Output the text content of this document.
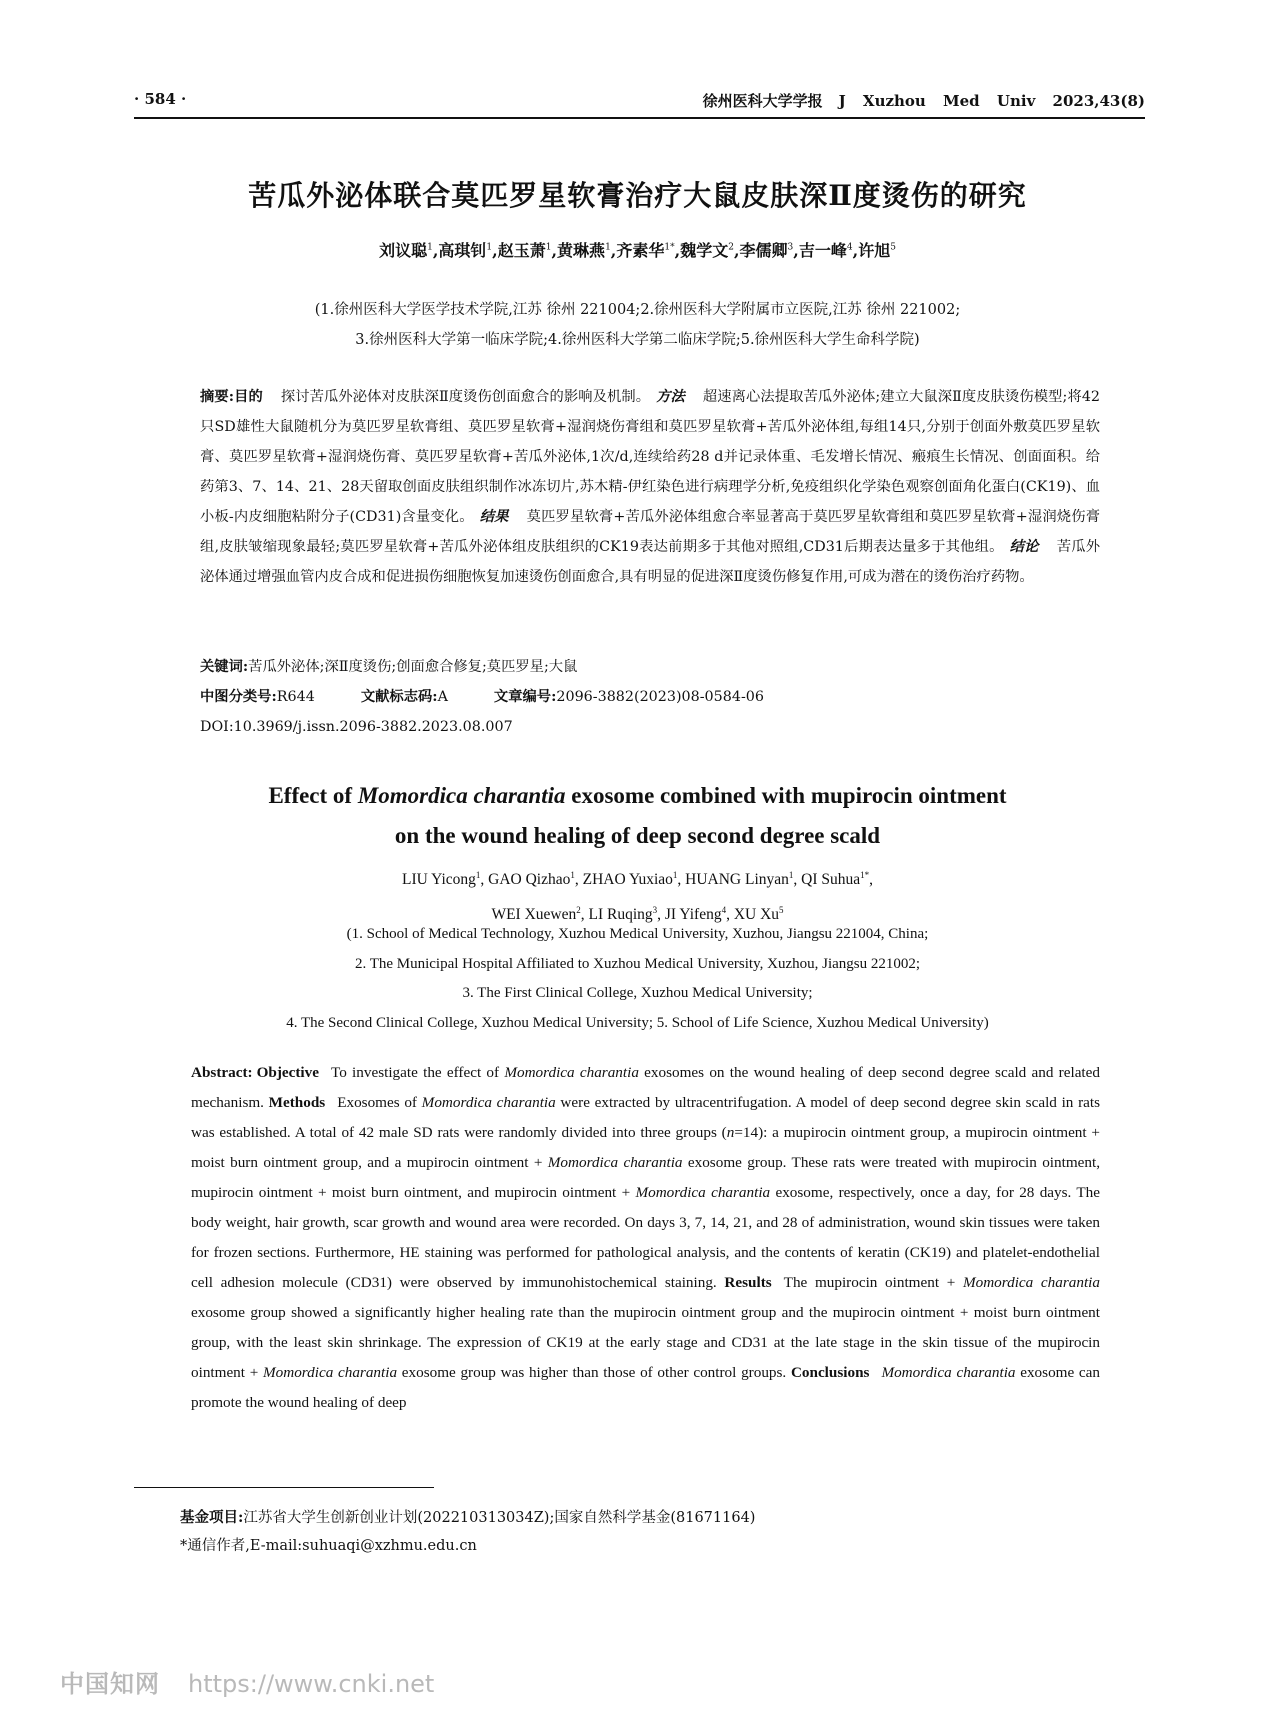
· 584 ·	徐州医科大学学报 J Xuzhou Med Univ 2023,43(8)
苦瓜外泌体联合莫匹罗星软膏治疗大鼠皮肤深Ⅱ度烫伤的研究
刘议聪$^1$,高琪钊$^1$,赵玉萧$^1$,黄琳燕$^1$,齐素华$^{1*}$,魏学文$^2$,李儒卿$^3$,吉一峰$^4$,许旭$^5$
(1.徐州医科大学医学技术学院,江苏 徐州 221004;2.徐州医科大学附属市立医院,江苏 徐州 221002;
3.徐州医科大学第一临床学院;4.徐州医科大学第二临床学院;5.徐州医科大学生命科学院)
摘要:目的 探讨苦瓜外泌体对皮肤深Ⅱ度烫伤创面愈合的影响及机制。 方法 超速离心法提取苦瓜外泌体;建立大鼠深Ⅱ度皮肤烫伤模型;将42只SD雄性大鼠随机分为莫匹罗星软膏组、莫匹罗星软膏+湿润烧伤膏组和莫匹罗星软膏+苦瓜外泌体组,每组14只,分别于创面外敷莫匹罗星软膏、莫匹罗星软膏+湿润烧伤膏、莫匹罗星软膏+苦瓜外泌体,1次/d,连续给药28 d并记录体重、毛发增长情况、瘢痕生长情况、创面面积。给药第3、7、14、21、28天留取创面皮肤组织制作冰冻切片,苏木精-伊红染色进行病理学分析,免疫组织化学染色观察创面角化蛋白(CK19)、血小板-内皮细胞粘附分子(CD31)含量变化。 结果 莫匹罗星软膏+苦瓜外泌体组愈合率显著高于莫匹罗星软膏组和莫匹罗星软膏+湿润烧伤膏组,皮肤皱缩现象最轻;莫匹罗星软膏+苦瓜外泌体组皮肤组织的CK19表达前期多于其他对照组,CD31后期表达量多于其他组。 结论 苦瓜外泌体通过增强血管内皮合成和促进损伤细胞恢复加速烫伤创面愈合,具有明显的促进深Ⅱ度烫伤修复作用,可成为潜在的烫伤治疗药物。
关键词:苦瓜外泌体;深Ⅱ度烫伤;创面愈合修复;莫匹罗星;大鼠
中图分类号:R644	文献标志码:A	文章编号:2096-3882(2023)08-0584-06
DOI:10.3969/j.issn.2096-3882.2023.08.007
Effect of Momordica charantia exosome combined with mupirocin ointment
on the wound healing of deep second degree scald
LIU Yicong$^1$, GAO Qizhao$^1$, ZHAO Yuxiao$^1$, HUANG Linyan$^1$, QI Suhua$^{1*}$,
WEI Xuewen$^2$, LI Ruqing$^3$, JI Yifeng$^4$, XU Xu$^5$
(1. School of Medical Technology, Xuzhou Medical University, Xuzhou, Jiangsu 221004, China;
2. The Municipal Hospital Affiliated to Xuzhou Medical University, Xuzhou, Jiangsu 221002;
3. The First Clinical College, Xuzhou Medical University;
4. The Second Clinical College, Xuzhou Medical University; 5. School of Life Science, Xuzhou Medical University)
Abstract: Objective To investigate the effect of Momordica charantia exosomes on the wound healing of deep second degree scald and related mechanism. Methods Exosomes of Momordica charantia were extracted by ultracentrifugation. A model of deep second degree skin scald in rats was established. A total of 42 male SD rats were randomly divided into three groups (n=14): a mupirocin ointment group, a mupirocin ointment + moist burn ointment group, and a mupirocin ointment + Momordica charantia exosome group. These rats were treated with mupirocin ointment, mupirocin ointment + moist burn ointment, and mupirocin ointment + Momordica charantia exosome, respectively, once a day, for 28 days. The body weight, hair growth, scar growth and wound area were recorded. On days 3, 7, 14, 21, and 28 of administration, wound skin tissues were taken for frozen sections. Furthermore, HE staining was performed for pathological analysis, and the contents of keratin (CK19) and platelet-endothelial cell adhesion molecule (CD31) were observed by immunohistochemical staining. Results The mupirocin ointment + Momordica charantia exosome group showed a significantly higher healing rate than the mupirocin ointment group and the mupirocin ointment + moist burn ointment group, with the least skin shrinkage. The expression of CK19 at the early stage and CD31 at the late stage in the skin tissue of the mupirocin ointment + Momordica charantia exosome group was higher than those of other control groups. Conclusions Momordica charantia exosome can promote the wound healing of deep
基金项目:江苏省大学生创新创业计划(202210313034Z);国家自然科学基金(81671164)
*通信作者,E-mail:suhuaqi@xzhmu.edu.cn
中国知网 https://www.cnki.net
